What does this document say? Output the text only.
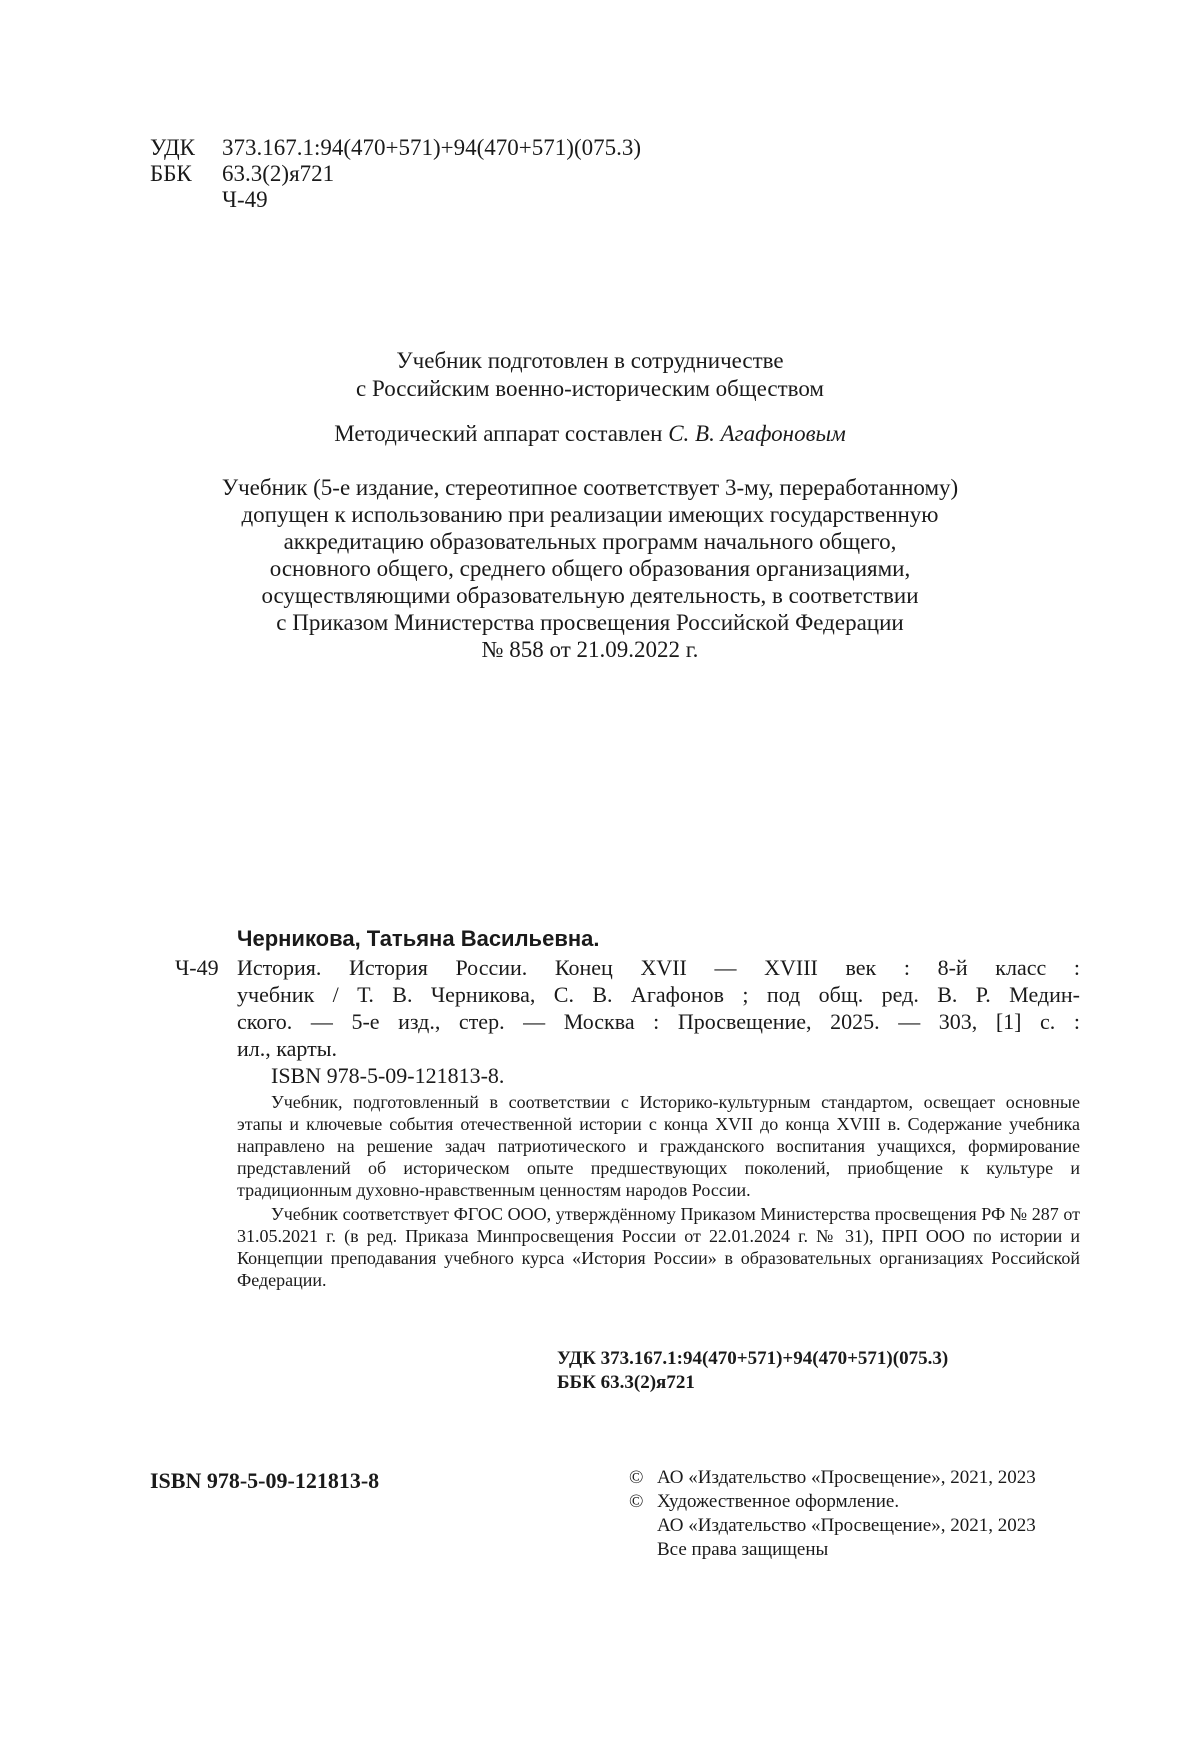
УДК	373.167.1:94(470+571)+94(470+571)(075.3)
ББК	63.3(2)я721
Ч-49
Учебник подготовлен в сотрудничестве
с Российским военно-историческим обществом
Методический аппарат составлен С. В. Агафоновым
Учебник (5-е издание, стереотипное соответствует 3-му, переработанному)
допущен к использованию при реализации имеющих государственную
аккредитацию образовательных программ начального общего,
основного общего, среднего общего образования организациями,
осуществляющими образовательную деятельность, в соответствии
с Приказом Министерства просвещения Российской Федерации
№ 858 от 21.09.2022 г.
Черникова, Татьяна Васильевна.
Ч-49 История. История России. Конец XVII — XVIII век : 8-й класс :
учебник / Т. В. Черникова, С. В. Агафонов ; под общ. ред. В. Р. Медин-
ского. — 5-е изд., стер. — Москва : Просвещение, 2025. — 303, [1] с. :
ил., карты.
ISBN 978-5-09-121813-8.

Учебник, подготовленный в соответствии с Историко-культурным стандартом, освещает основные этапы и ключевые события отечественной истории с конца XVII до конца XVIII в. Содержание учебника направлено на решение задач патриотического и гражданского воспитания учащихся, формирование представлений об историческом опыте предшествующих поколений, приобщение к культуре и традиционным духовно-нравственным ценностям народов России.

Учебник соответствует ФГОС ООО, утверждённому Приказом Министерства просвещения РФ № 287 от 31.05.2021 г. (в ред. Приказа Минпросвещения России от 22.01.2024 г. № 31), ПРП ООО по истории и Концепции преподавания учебного курса «История России» в образовательных организациях Российской Федерации.

УДК 373.167.1:94(470+571)+94(470+571)(075.3)
ББК 63.3(2)я721
ISBN 978-5-09-121813-8	© АО «Издательство «Просвещение», 2021, 2023
© Художественное оформление.
АО «Издательство «Просвещение», 2021, 2023
Все права защищены
